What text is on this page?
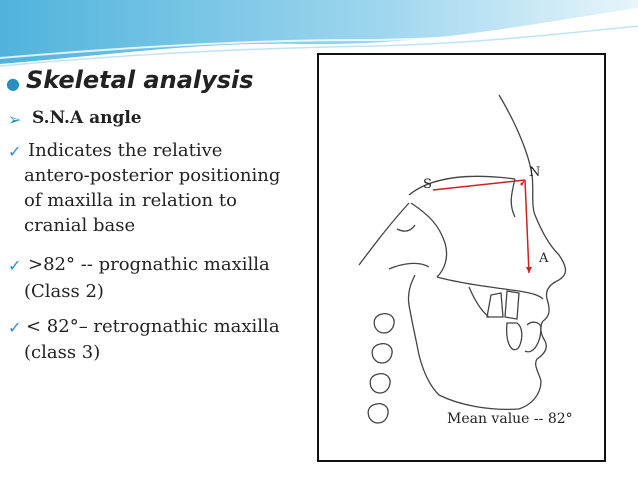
● Skeletal analysis
➢ S.N.A angle
✓ Indicates the relative
antero-posterior positioning
of maxilla in relation to
cranial base
✓ >82° -- prognathic maxilla
(Class 2)
✓ < 82°– retrognathic maxilla
(class 3)
S
N
A
Mean value -- 82°
